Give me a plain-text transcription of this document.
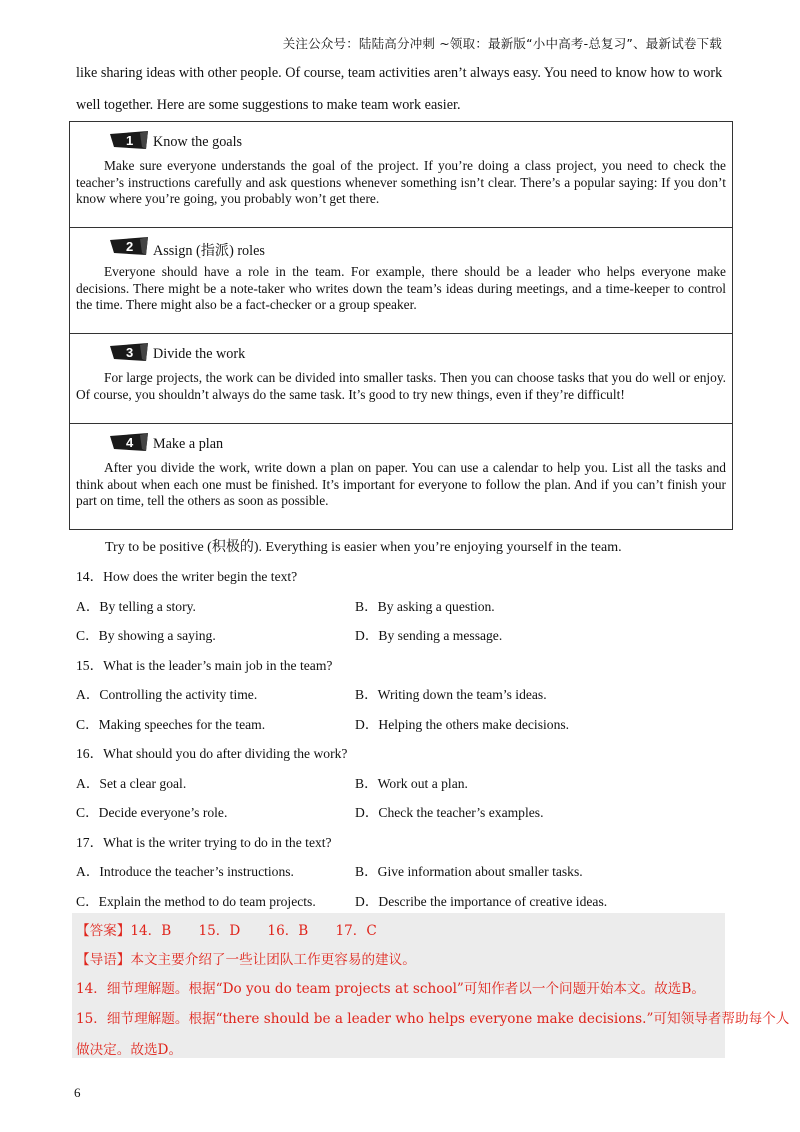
关注公众号：陆陆高分冲刺 ~领取：最新版“小中高考-总复习”、最新试卷下载
like sharing ideas with other people. Of course, team activities aren’t always easy. You need to know how to work
well together. Here are some suggestions to make team work easier.
1 Know the goals
Make sure everyone understands the goal of the project. If you’re doing a class project, you need to check the teacher’s instructions carefully and ask questions whenever something isn’t clear. There’s a popular saying: If you don’t know where you’re going, you probably won’t get there.
2 Assign (指派) roles
Everyone should have a role in the team. For example, there should be a leader who helps everyone make decisions. There might be a note-taker who writes down the team’s ideas during meetings, and a time-keeper to control the time. There might also be a fact-checker or a group speaker.
3 Divide the work
For large projects, the work can be divided into smaller tasks. Then you can choose tasks that you do well or enjoy. Of course, you shouldn’t always do the same task. It’s good to try new things, even if they’re difficult!
4 Make a plan
After you divide the work, write down a plan on paper. You can use a calendar to help you. List all the tasks and think about when each one must be finished. It’s important for everyone to follow the plan. And if you can’t finish your part on time, tell the others as soon as possible.
Try to be positive (积极的). Everything is easier when you’re enjoying yourself in the team.
14．How does the writer begin the text?
A．By telling a story.	B．By asking a question.
C．By showing a saying.	D．By sending a message.
15．What is the leader’s main job in the team?
A．Controlling the activity time.	B．Writing down the team’s ideas.
C．Making speeches for the team.	D．Helping the others make decisions.
16．What should you do after dividing the work?
A．Set a clear goal.	B．Work out a plan.
C．Decide everyone’s role.	D．Check the teacher’s examples.
17．What is the writer trying to do in the text?
A．Introduce the teacher’s instructions.	B．Give information about smaller tasks.
C．Explain the method to do team projects.	D．Describe the importance of creative ideas.
【答案】14．B　　15．D　　16．B　　17．C
【导语】本文主要介绍了一些让团队工作更容易的建议。
14．细节理解题。根据“Do you do team projects at school”可知作者以一个问题开始本文。故选B。
15．细节理解题。根据“there should be a leader who helps everyone make decisions.”可知领导者帮助每个人
做决定。故选D。
6
